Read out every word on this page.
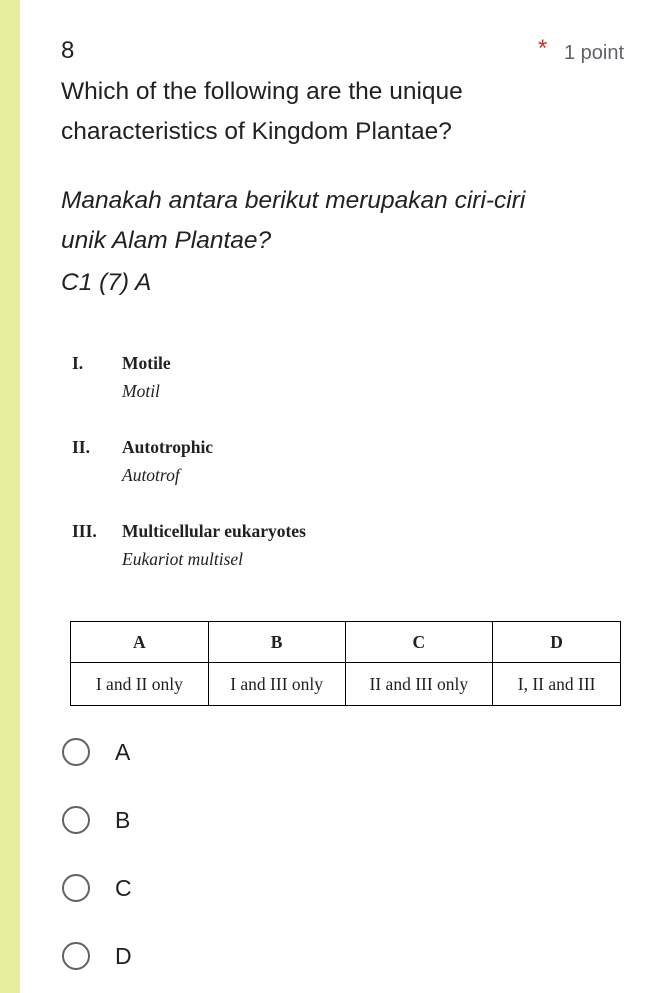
8	* 1 point
Which of the following are the unique characteristics of Kingdom Plantae?
Manakah antara berikut merupakan ciri-ciri unik Alam Plantae?
C1 (7) A
I. Motile
Motil
II. Autotrophic
Autotrof
III. Multicellular eukaryotes
Eukariot multisel
A	B	C	D
I and II only	I and III only	II and III only	I, II and III
A
B
C
D
